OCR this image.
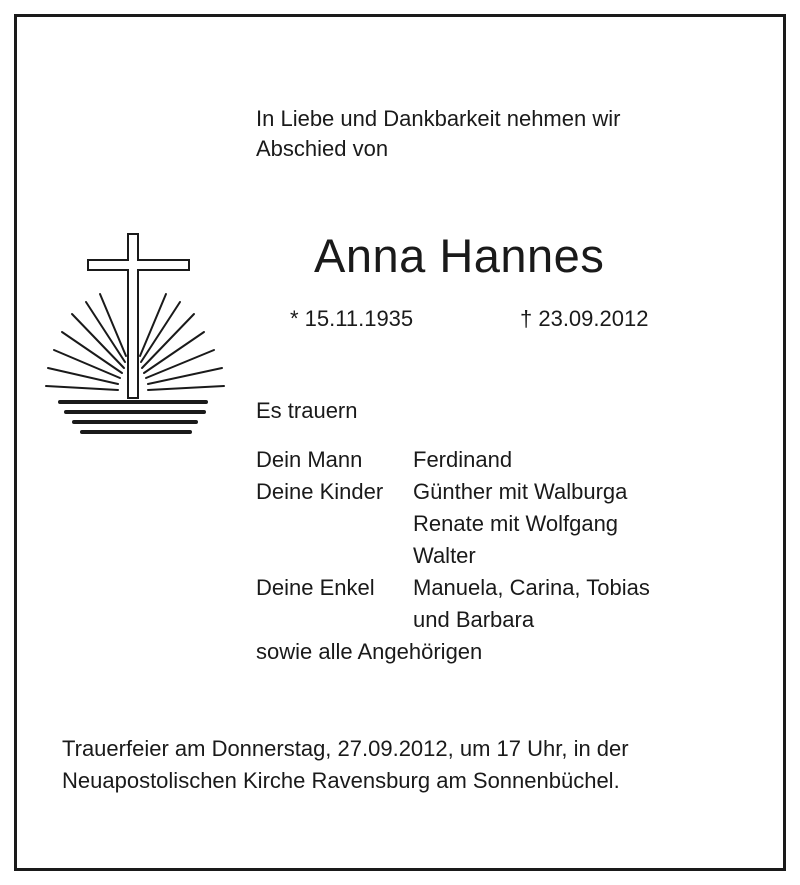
In Liebe und Dankbarkeit nehmen wir
Abschied von
Anna Hannes
* 15.11.1935	† 23.09.2012
Es trauern
Dein Mann	Ferdinand
Deine Kinder	Günther mit Walburga
Renate mit Wolfgang
Walter
Deine Enkel	Manuela, Carina, Tobias
und Barbara
sowie alle Angehörigen
Trauerfeier am Donnerstag, 27.09.2012, um 17 Uhr, in der
Neuapostolischen Kirche Ravensburg am Sonnenbüchel.
